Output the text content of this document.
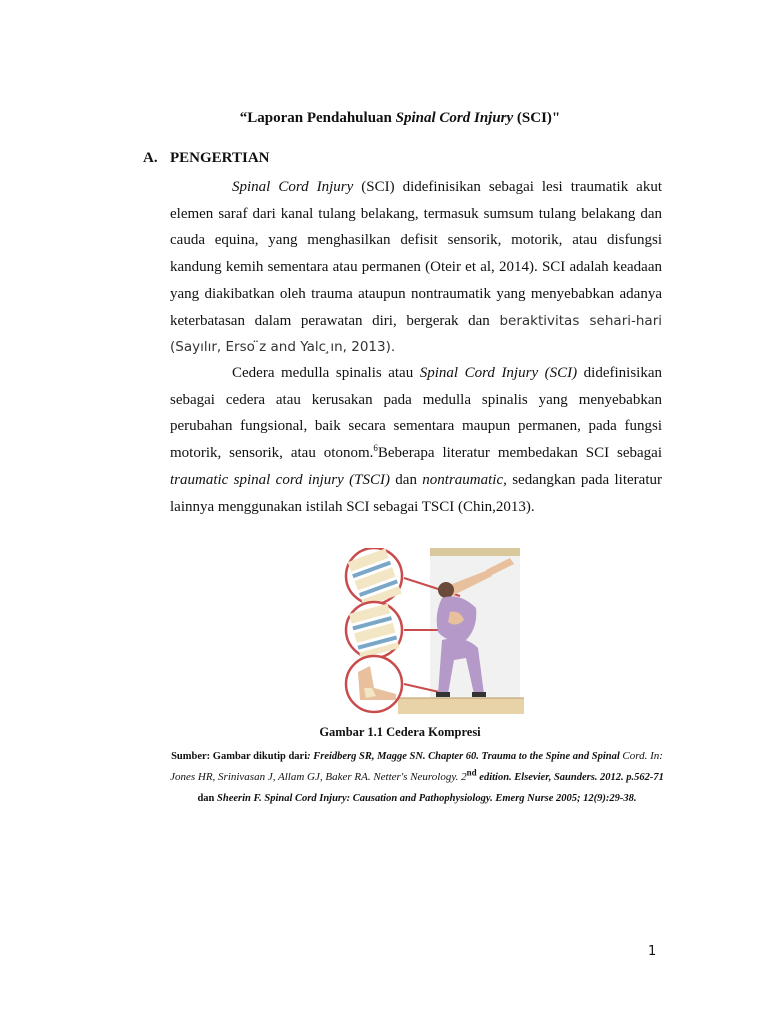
“Laporan Pendahuluan Spinal Cord Injury (SCI)"
A. PENGERTIAN

Spinal Cord Injury (SCI) didefinisikan sebagai lesi traumatik akut elemen saraf dari kanal tulang belakang, termasuk sumsum tulang belakang dan cauda equina, yang menghasilkan defisit sensorik, motorik, atau disfungsi kandung kemih sementara atau permanen (Oteir et al, 2014). SCI adalah keadaan yang diakibatkan oleh trauma ataupun nontraumatik yang menyebabkan adanya keterbatasan dalam perawatan diri, bergerak dan beraktivitas sehari-hari (Sayılır, Erso ̈z and Yalc ̧ın, 2013).

Cedera medulla spinalis atau Spinal Cord Injury (SCI) didefinisikan sebagai cedera atau kerusakan pada medulla spinalis yang menyebabkan perubahan fungsional, baik secara sementara maupun permanen, pada fungsi motorik, sensorik, atau otonom.$^6$Beberapa literatur membedakan SCI sebagai traumatic spinal cord injury (TSCI) dan nontraumatic, sedangkan pada literatur lainnya menggunakan istilah SCI sebagai TSCI (Chin,2013).

Gambar 1.1 Cedera Kompresi
Sumber: Gambar dikutip dari: Freidberg SR, Magge SN. Chapter 60. Trauma to the Spine and Spinal Cord. In: Jones HR, Srinivasan J, Allam GJ, Baker RA. Netter's Neurology. 2nd edition. Elsevier, Saunders. 2012. p.562-71 dan Sheerin F. Spinal Cord Injury: Causation and Pathophysiology. Emerg Nurse 2005; 12(9):29-38.
1
